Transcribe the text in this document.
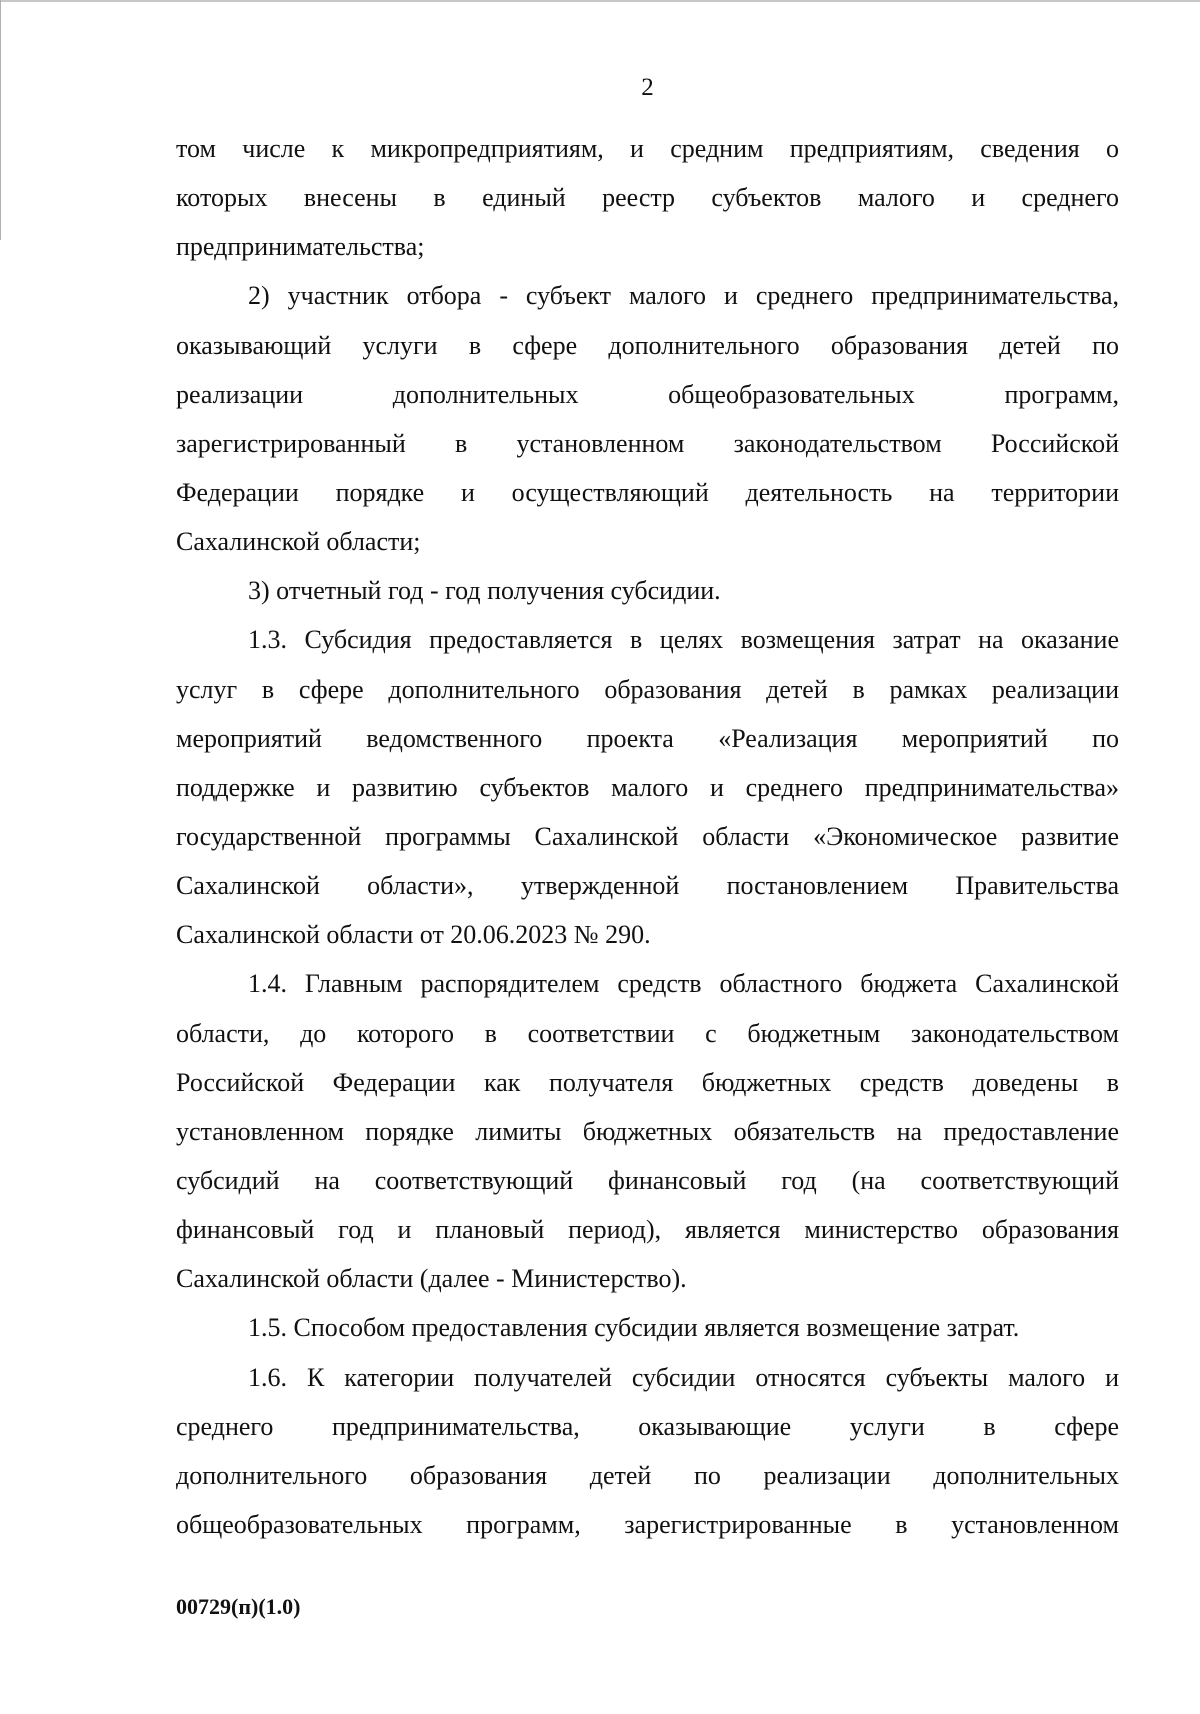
2
том числе к микропредприятиям, и средним предприятиям, сведения о
которых внесены в единый реестр субъектов малого и среднего
предпринимательства;
2) участник отбора - субъект малого и среднего предпринимательства,
оказывающий услуги в сфере дополнительного образования детей по
реализации дополнительных общеобразовательных программ,
зарегистрированный в установленном законодательством Российской
Федерации порядке и осуществляющий деятельность на территории
Сахалинской области;
3) отчетный год - год получения субсидии.
1.3. Субсидия предоставляется в целях возмещения затрат на оказание
услуг в сфере дополнительного образования детей в рамках реализации
мероприятий ведомственного проекта «Реализация мероприятий по
поддержке и развитию субъектов малого и среднего предпринимательства»
государственной программы Сахалинской области «Экономическое развитие
Сахалинской области», утвержденной постановлением Правительства
Сахалинской области от 20.06.2023 № 290.
1.4. Главным распорядителем средств областного бюджета Сахалинской
области, до которого в соответствии с бюджетным законодательством
Российской Федерации как получателя бюджетных средств доведены в
установленном порядке лимиты бюджетных обязательств на предоставление
субсидий на соответствующий финансовый год (на соответствующий
финансовый год и плановый период), является министерство образования
Сахалинской области (далее - Министерство).
1.5. Способом предоставления субсидии является возмещение затрат.
1.6. К категории получателей субсидии относятся субъекты малого и
среднего предпринимательства, оказывающие услуги в сфере
дополнительного образования детей по реализации дополнительных
общеобразовательных программ, зарегистрированные в установленном
00729(п)(1.0)
